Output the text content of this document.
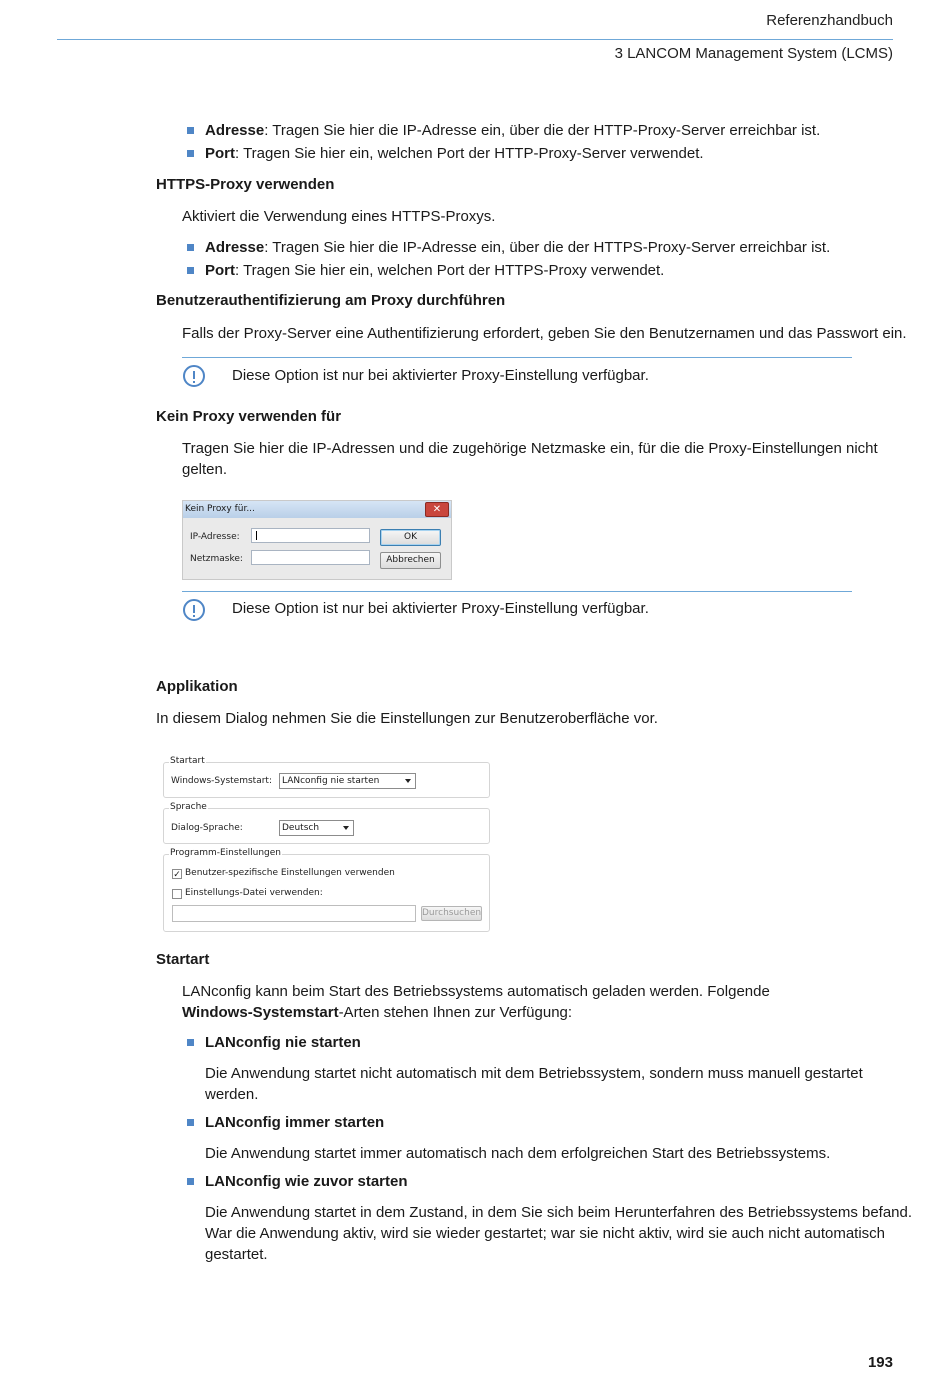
Referenzhandbuch
3 LANCOM Management System (LCMS)
Adresse: Tragen Sie hier die IP-Adresse ein, über die der HTTP-Proxy-Server erreichbar ist.
Port: Tragen Sie hier ein, welchen Port der HTTP-Proxy-Server verwendet.
HTTPS-Proxy verwenden
Aktiviert die Verwendung eines HTTPS-Proxys.
Adresse: Tragen Sie hier die IP-Adresse ein, über die der HTTPS-Proxy-Server erreichbar ist.
Port: Tragen Sie hier ein, welchen Port der HTTPS-Proxy verwendet.
Benutzerauthentifizierung am Proxy durchführen
Falls der Proxy-Server eine Authentifizierung erfordert, geben Sie den Benutzernamen und das Passwort ein.
Diese Option ist nur bei aktivierter Proxy-Einstellung verfügbar.
Kein Proxy verwenden für
Tragen Sie hier die IP-Adressen und die zugehörige Netzmaske ein, für die die Proxy-Einstellungen nicht
gelten.
Kein Proxy für...	✕
IP-Adresse:
Netzmaske:
OK
Abbrechen
Diese Option ist nur bei aktivierter Proxy-Einstellung verfügbar.
Applikation
In diesem Dialog nehmen Sie die Einstellungen zur Benutzeroberfläche vor.
Startart
Windows-Systemstart:	LANconfig nie starten
Sprache
Dialog-Sprache:	Deutsch
Programm-Einstellungen
✓ Benutzer-spezifische Einstellungen verwenden
Einstellungs-Datei verwenden:
Durchsuchen
Startart
LANconfig kann beim Start des Betriebssystems automatisch geladen werden. Folgende
Windows-Systemstart-Arten stehen Ihnen zur Verfügung:
LANconfig nie starten
Die Anwendung startet nicht automatisch mit dem Betriebssystem, sondern muss manuell gestartet
werden.
LANconfig immer starten
Die Anwendung startet immer automatisch nach dem erfolgreichen Start des Betriebssystems.
LANconfig wie zuvor starten
Die Anwendung startet in dem Zustand, in dem Sie sich beim Herunterfahren des Betriebssystems befand.
War die Anwendung aktiv, wird sie wieder gestartet; war sie nicht aktiv, wird sie auch nicht automatisch
gestartet.
193
